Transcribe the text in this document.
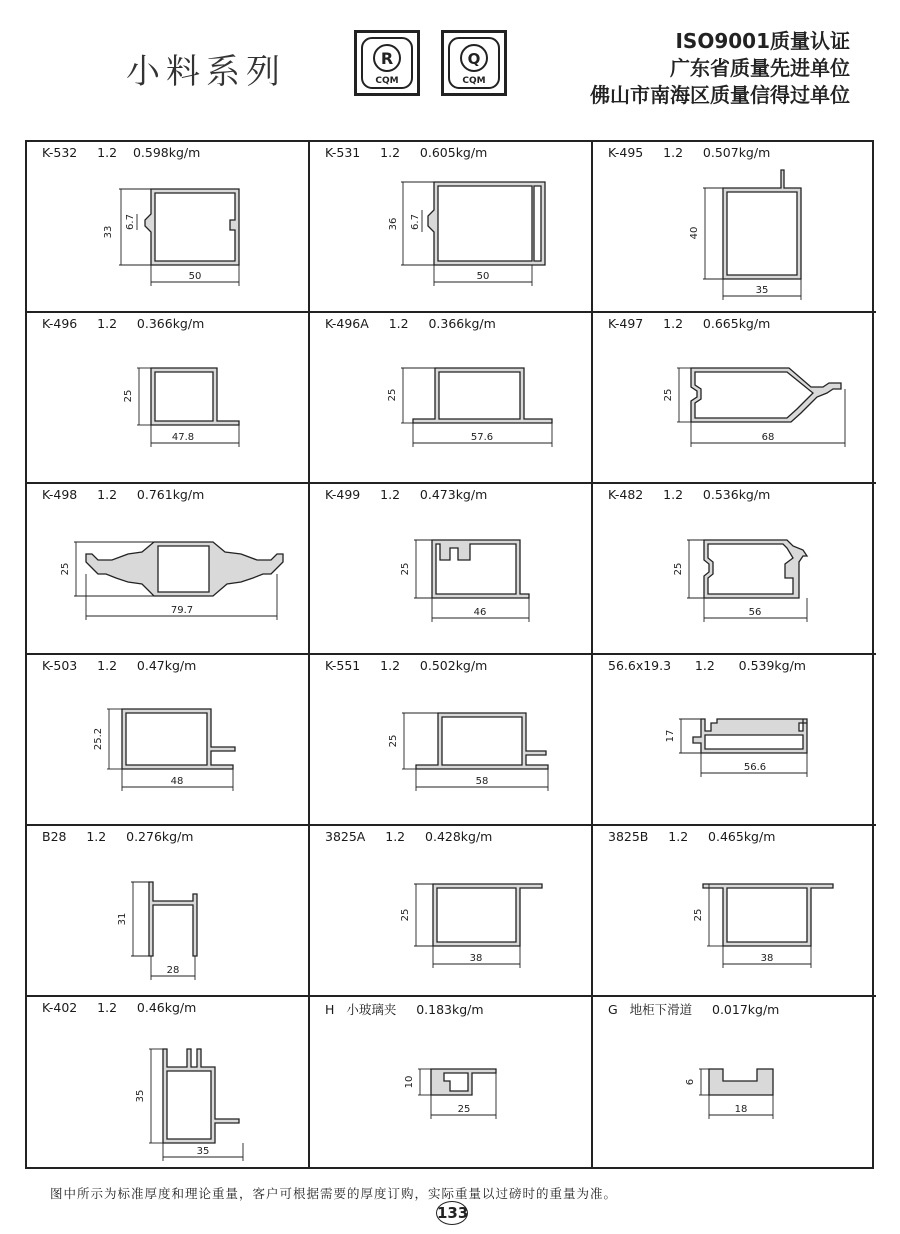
小料系列	R
CQM
Q
CQM
ISO9001质量认证
广东省质量先进单位
佛山市南海区质量信得过单位
K-532 1.2 0.598kg/m
33
6.7
50
K-531 1.2 0.605kg/m
36 6.7
50
K-495 1.2 0.507kg/m
40
35
K-496 1.2 0.366kg/m
25
47.8
K-496A 1.2 0.366kg/m
25
57.6
K-497 1.2 0.665kg/m
25
68
K-498 1.2 0.761kg/m
25
79.7
K-499 1.2 0.473kg/m
25
46
K-482 1.2 0.536kg/m
25
56
K-503 1.2 0.47kg/m
25.2
48
K-551 1.2 0.502kg/m
25
58
56.6x19.3 1.2 0.539kg/m
17
56.6
B28 1.2 0.276kg/m
31
28
3825A 1.2 0.428kg/m
25
38
3825B 1.2 0.465kg/m
25
38
K-402 1.2 0.46kg/m
35
35
H 小玻璃夹 0.183kg/m
10
25
G 地柜下滑道 0.017kg/m
6
18
图中所示为标准厚度和理论重量，客户可根据需要的厚度订购，实际重量以过磅时的重量为准。
133
